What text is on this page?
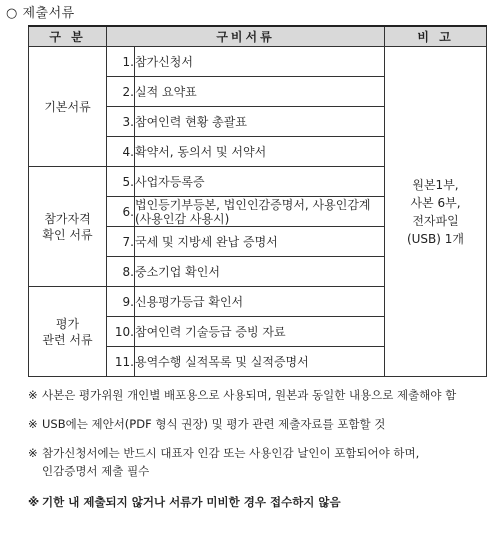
○ 제출서류
구 분	구비서류		비 고

기본서류	1.	참가신청서	원본1부,
사본 6부,
전자파일
(USB) 1개

	2.	실적 요약표	
	3.	참여인력 현황 총괄표	
	4.	확약서, 동의서 및 서약서	

참가자격
확인 서류	5.	사업자등록증	
	6.	법인등기부등본, 법인인감증명서, 사용인감계 (사용인감 사용시)	
	7.	국세 및 지방세 완납 증명서	
	8.	중소기업 확인서	

평가
관련 서류	9.	신용평가등급 확인서	
	10.	참여인력 기술등급 증빙 자료	
	11.	용역수행 실적목록 및 실적증명서	
※ 사본은 평가위원 개인별 배포용으로 사용되며, 원본과 동일한 내용으로 제출해야 함
※ USB에는 제안서(PDF 형식 권장) 및 평가 관련 제출자료를 포함할 것
※ 참가신청서에는 반드시 대표자 인감 또는 사용인감 날인이 포함되어야 하며,
인감증명서 제출 필수
※ 기한 내 제출되지 않거나 서류가 미비한 경우 접수하지 않음
